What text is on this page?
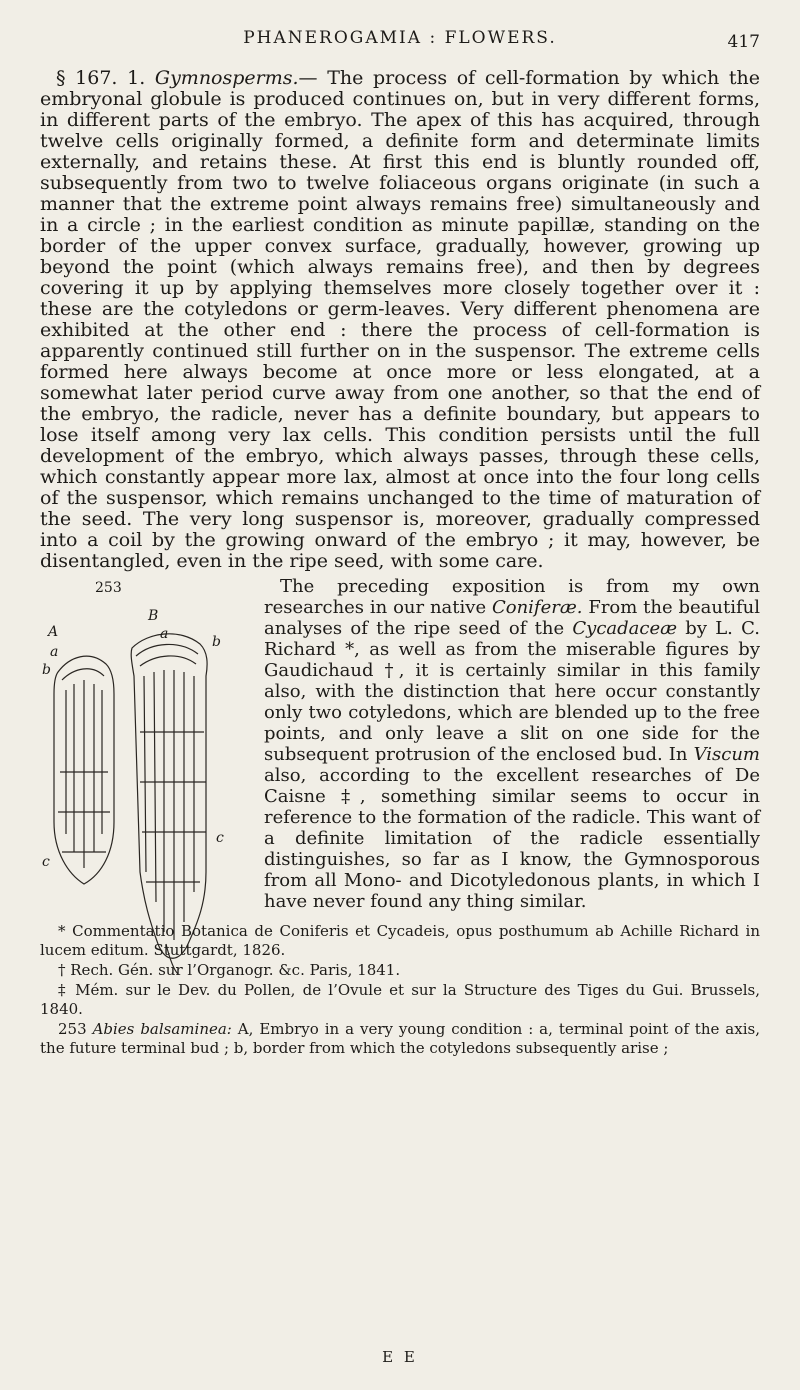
PHANEROGAMIA : FLOWERS.	417

§ 167. 1. Gymnosperms.— The process of cell-formation by which the embryonal globule is produced continues on, but in very different forms, in different parts of the embryo. The apex of this has acquired, through twelve cells originally formed, a definite form and determinate limits externally, and retains these. At first this end is bluntly rounded off, subsequently from two to twelve foliaceous organs originate (in such a manner that the extreme point always remains free) simultaneously and in a circle ; in the earliest condition as minute papillæ, standing on the border of the upper convex surface, gradually, however, growing up beyond the point (which always remains free), and then by degrees covering it up by applying themselves more closely together over it : these are the cotyledons or germ-leaves. Very different phenomena are exhibited at the other end : there the process of cell-formation is apparently continued still further on in the suspensor. The extreme cells formed here always become at once more or less elongated, at a somewhat later period curve away from one another, so that the end of the embryo, the radicle, never has a definite boundary, but appears to lose itself among very lax cells. This condition persists until the full development of the embryo, which always passes, through these cells, which constantly appear more lax, almost at once into the four long cells of the suspensor, which remains unchanged to the time of maturation of the seed. The very long suspensor is, moreover, gradually compressed into a coil by the growing onward of the embryo ; it may, however, be disentangled, even in the ripe seed, with some care.

253
A
a
b
c
B
a	b
c

The preceding exposition is from my own researches in our native Coniferæ. From the beautiful analyses of the ripe seed of the Cycadaceæ by L. C. Richard *, as well as from the miserable figures by Gaudichaud †, it is certainly similar in this family also, with the distinction that here occur constantly only two cotyledons, which are blended up to the free points, and only leave a slit on one side for the subsequent protrusion of the enclosed bud. In Viscum also, according to the excellent researches of De Caisne ‡, something similar seems to occur in reference to the formation of the radicle. This want of a definite limitation of the radicle essentially distinguishes, so far as I know, the Gymnosporous from all Mono- and Dicotyledonous plants, in which I have never found any thing similar.

* Commentatio Botanica de Coniferis et Cycadeis, opus posthumum ab Achille Richard in lucem editum. Stuttgardt, 1826.

† Rech. Gén. sur l’Organogr. &c. Paris, 1841.

‡ Mém. sur le Dev. du Pollen, de l’Ovule et sur la Structure des Tiges du Gui. Brussels, 1840.

253 Abies balsaminea: A, Embryo in a very young condition : a, terminal point of the axis, the future terminal bud ; b, border from which the cotyledons subsequently arise ;

E E
